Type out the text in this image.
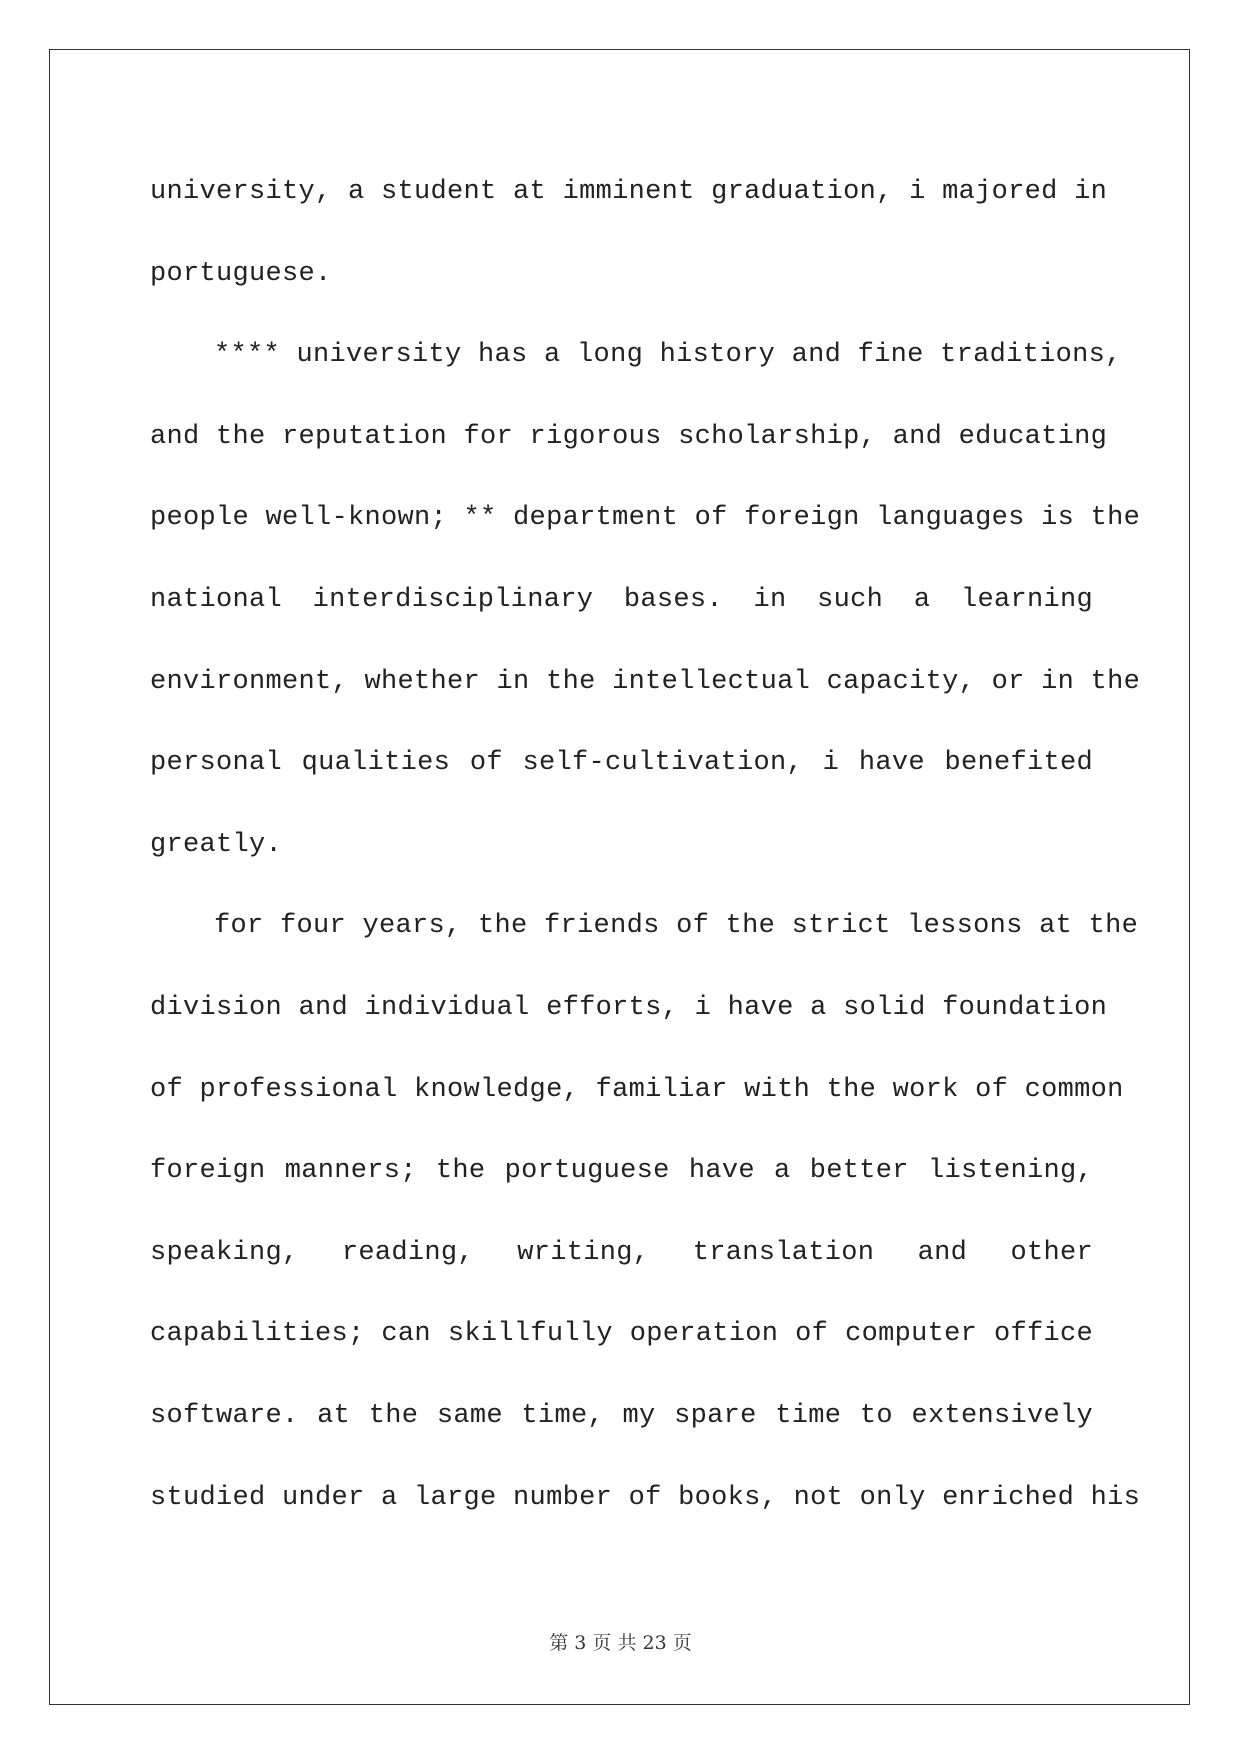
university, a student at imminent graduation, i majored in
portuguese.
**** university has a long history and fine traditions,
and the reputation for rigorous scholarship, and educating
people well-known; ** department of foreign languages is the
national interdisciplinary bases. in such a learning
environment, whether in the intellectual capacity, or in the
personal qualities of self-cultivation, i have benefited
greatly.
for four years, the friends of the strict lessons at the
division and individual efforts, i have a solid foundation
of professional knowledge, familiar with the work of common
foreign manners; the portuguese have a better listening,
speaking, reading, writing, translation and other
capabilities; can skillfully operation of computer office
software. at the same time, my spare time to extensively
studied under a large number of books, not only enriched his
第 3 页 共 23 页
